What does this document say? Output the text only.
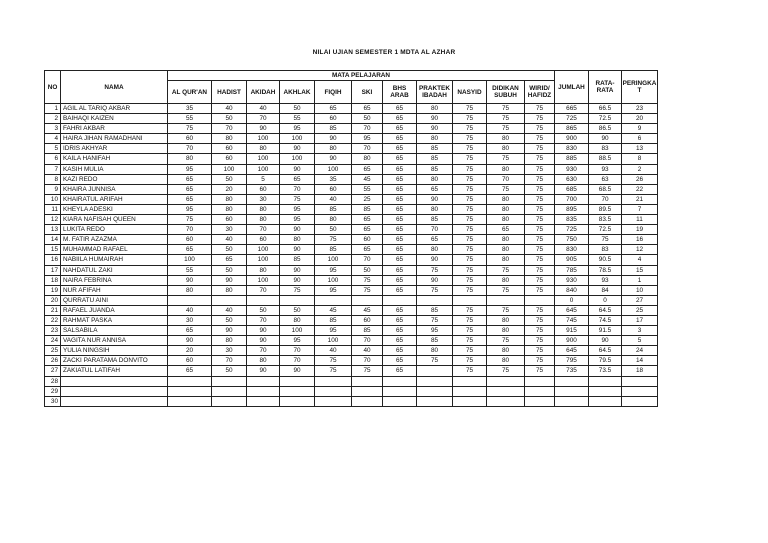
NILAI UJIAN SEMESTER 1 MDTA AL AZHAR
NO	NAMA	MATA PELAJARAN											JUMLAH	RATA-RATA	PERINGKAT
		AL QUR'AN	HADIST	AKIDAH	AKHLAK	FIQIH	SKI	BHS ARAB	PRAKTEK IBADAH	NASYID	DIDIKAN SUBUH	WIRID/ HAFIDZ			
1	AGIL AL TARIQ AKBAR	35	40	40	50	65	65	65	80	75	75	75	665	66.5	23
2	BAIHAQI KAIZEN	55	50	70	55	60	50	65	90	75	75	75	725	72.5	20
3	FAHRI AKBAR	75	70	90	95	85	70	65	90	75	75	75	865	86.5	9
4	HAIRA JIHAN RAMADHANI	60	80	100	100	90	95	65	80	75	80	75	900	90	6
5	IDRIS AKHYAR	70	60	80	90	80	70	65	85	75	80	75	830	83	13
6	KAILA HANIFAH	80	60	100	100	90	80	65	85	75	75	75	885	88.5	8
7	KASIH MULIA	95	100	100	90	100	65	65	85	75	80	75	930	93	2
8	KAZI REDO	65	50	5	65	35	45	65	80	75	70	75	630	63	26
9	KHAIRA JUNNISA	65	20	60	70	60	55	65	65	75	75	75	685	68.5	22
10	KHAIRATUL ARIFAH	65	80	30	75	40	25	65	90	75	80	75	700	70	21
11	KHEYLA ADESKI	95	80	80	95	85	85	65	80	75	80	75	895	89.5	7
12	KIARA NAFISAH QUEEN	75	60	80	95	80	65	65	85	75	80	75	835	83.5	11
13	LUKITA REDO	70	30	70	90	50	65	65	70	75	65	75	725	72.5	19
14	M. FATIR AZAZMA	60	40	60	80	75	60	65	65	75	80	75	750	75	16
15	MUHAMMAD RAFAEL	65	50	100	90	85	65	65	80	75	80	75	830	83	12
16	NABIILA HUMAIRAH	100	65	100	85	100	70	65	90	75	80	75	905	90.5	4
17	NAHDATUL ZAKI	55	50	80	90	95	50	65	75	75	75	75	785	78.5	15
18	NAIRA FEBRINA	90	90	100	90	100	75	65	90	75	80	75	930	93	1
19	NUR AFIFAH	80	80	70	75	95	75	65	75	75	75	75	840	84	10
20	QURRATU AINI												0	0	27
21	RAFAEL JUANDA	40	40	50	50	45	45	65	85	75	75	75	645	64.5	25
22	RAHMAT PASKA	30	50	70	80	85	60	65	75	75	80	75	745	74.5	17
23	SALSABILA	65	90	90	100	95	85	65	95	75	80	75	915	91.5	3
24	VAGITA NUR ANNISA	90	80	90	95	100	70	65	85	75	75	75	900	90	5
25	YULIA NINGSIH	20	30	70	70	40	40	65	80	75	80	75	645	64.5	24
26	ZACKI PARATAMA DONVITO	60	70	80	70	75	70	65	75	75	80	75	795	79.5	14
27	ZAKIATUL LATIFAH	65	50	90	90	75	75	65		75	75	75	735	73.5	18
28															
29															
30															
